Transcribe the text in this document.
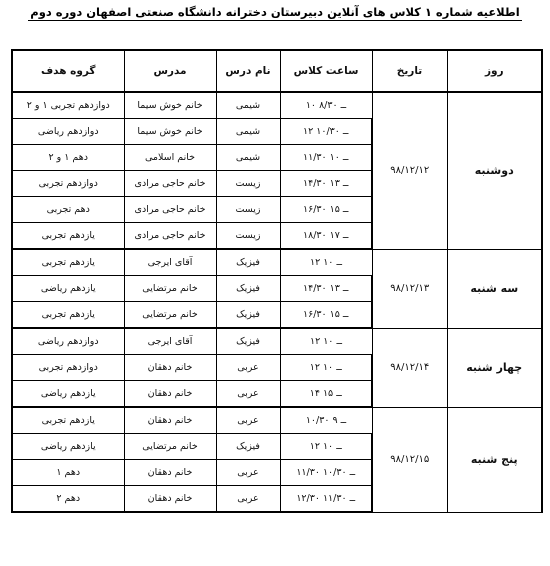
اطلاعیه شماره ۱ کلاس های آنلاین دبیرستان دخترانه دانشگاه صنعتی اصفهان دوره دوم
روز	تاریخ	ساعت کلاس	نام درس	مدرس	گروه هدف
دوشنبه	۹۸/۱۲/۱۲	۱۰ ــ ۸/۳۰	شیمی	خانم خوش سیما	دوازدهم تجربی ۱ و ۲
		۱۲ ــ ۱۰/۳۰	شیمی	خانم خوش سیما	دوازدهم ریاضی
		۱۱/۳۰ ــ ۱۰	شیمی	خانم اسلامی	دهم ۱ و ۲
		۱۴/۳۰ ــ ۱۳	زیست	خانم حاجی مرادی	دوازدهم تجربی
		۱۶/۳۰ ــ ۱۵	زیست	خانم حاجی مرادی	دهم تجربی
		۱۸/۳۰ ــ ۱۷	زیست	خانم حاجی مرادی	یازدهم تجربی
سه شنبه	۹۸/۱۲/۱۳	۱۲ ــ ۱۰	فیزیک	آقای ایرجی	یازدهم تجربی
		۱۴/۳۰ ــ ۱۳	فیزیک	خانم مرتضایی	یازدهم ریاضی
		۱۶/۳۰ ــ ۱۵	فیزیک	خانم مرتضایی	یازدهم تجربی
چهار شنبه	۹۸/۱۲/۱۴	۱۲ ــ ۱۰	فیزیک	آقای ایرجی	دوازدهم ریاضی
		۱۲ ــ ۱۰	عربی	خانم دهقان	دوازدهم تجربی
		۱۴ ــ ۱۵	عربی	خانم دهقان	یازدهم ریاضی
پنج شنبه	۹۸/۱۲/۱۵	۱۰/۳۰ ــ ۹	عربی	خانم دهقان	یازدهم تجربی
		۱۲ ــ ۱۰	فیزیک	خانم مرتضایی	یازدهم ریاضی
		۱۱/۳۰ ــ ۱۰/۳۰	عربی	خانم دهقان	دهم ۱
		۱۲/۳۰ ــ ۱۱/۳۰	عربی	خانم دهقان	دهم ۲
